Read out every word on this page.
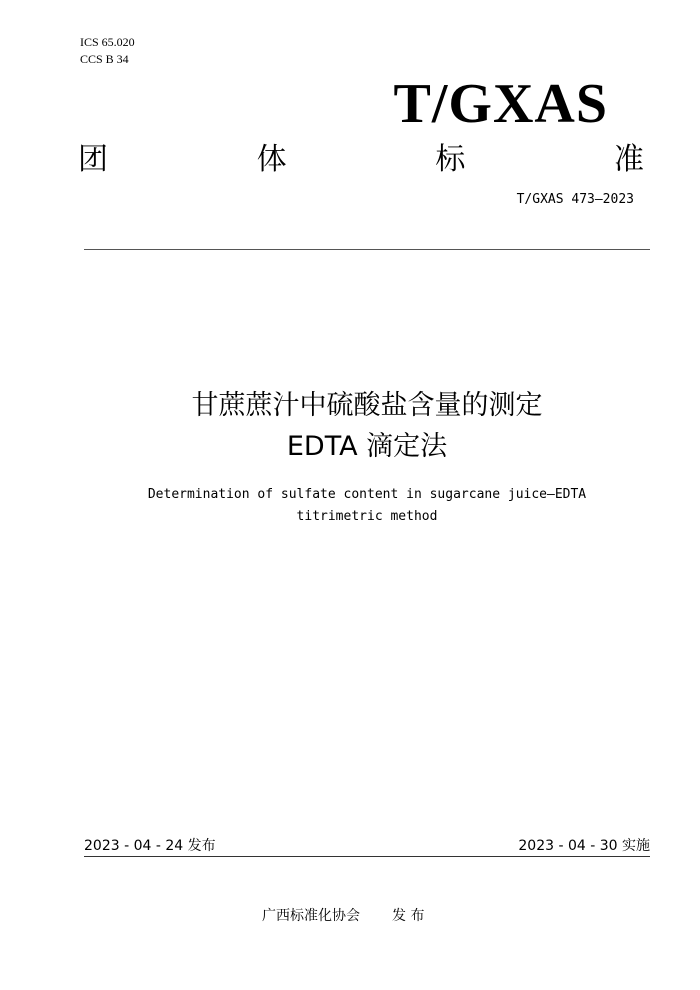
ICS 65.020
CCS B 34
T/GXAS
团	体	标	准
T/GXAS 473—2023
甘蔗蔗汁中硫酸盐含量的测定
EDTA 滴定法
Determination of sulfate content in sugarcane juice—EDTA
titrimetric method
2023 - 04 - 24 发布	2023 - 04 - 30 实施
广西标准化协会 发 布
